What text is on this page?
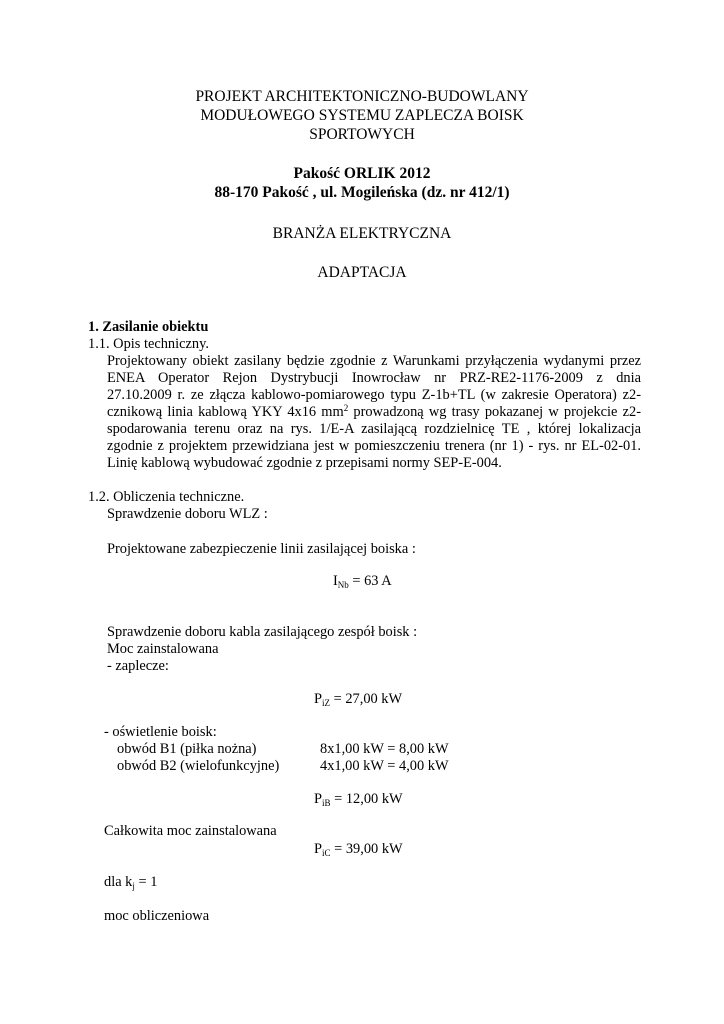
PROJEKT ARCHITEKTONICZNO-BUDOWLANY
MODUŁOWEGO SYSTEMU ZAPLECZA BOISK
SPORTOWYCH
Pakość ORLIK 2012
88-170 Pakość , ul. Mogileńska (dz. nr 412/1)
BRANŻA ELEKTRYCZNA
ADAPTACJA
1. Zasilanie obiektu
1.1. Opis techniczny.
Projektowany obiekt zasilany będzie zgodnie z Warunkami przyłączenia wydanymi przez
ENEA Operator Rejon Dystrybucji Inowrocław nr PRZ-RE2-1176-2009 z dnia
27.10.2009 r. ze złącza kablowo-pomiarowego typu Z-1b+TL (w zakresie Operatora) z2-
cznikową linia kablową YKY 4x16 $mm^2$ prowadzoną wg trasy pokazanej w projekcie z2-
spodarowania terenu oraz na rys. 1/E-A zasilającą rozdzielnicę TE , której lokalizacja
zgodnie z projektem przewidziana jest w pomieszczeniu trenera (nr 1) - rys. nr EL-02-01.
Linię kablową wybudować zgodnie z przepisami normy SEP-E-004.
1.2. Obliczenia techniczne.
Sprawdzenie doboru WLZ :
Projektowane zabezpieczenie linii zasilającej boiska :
$I_{Nb} = 63$ A
Sprawdzenie doboru kabla zasilającego zespół boisk :
Moc zainstalowana
- zaplecze:
$P_{iZ} = 27,00$ kW
- oświetlenie boisk:
obwód B1 (piłka nożna)	8x1,00 kW = 8,00 kW
obwód B2 (wielofunkcyjne)	4x1,00 kW = 4,00 kW
$P_{iB} = 12,00$ kW
Całkowita moc zainstalowana
$P_{iC} = 39,00$ kW
dla $k_j = 1$
moc obliczeniowa
